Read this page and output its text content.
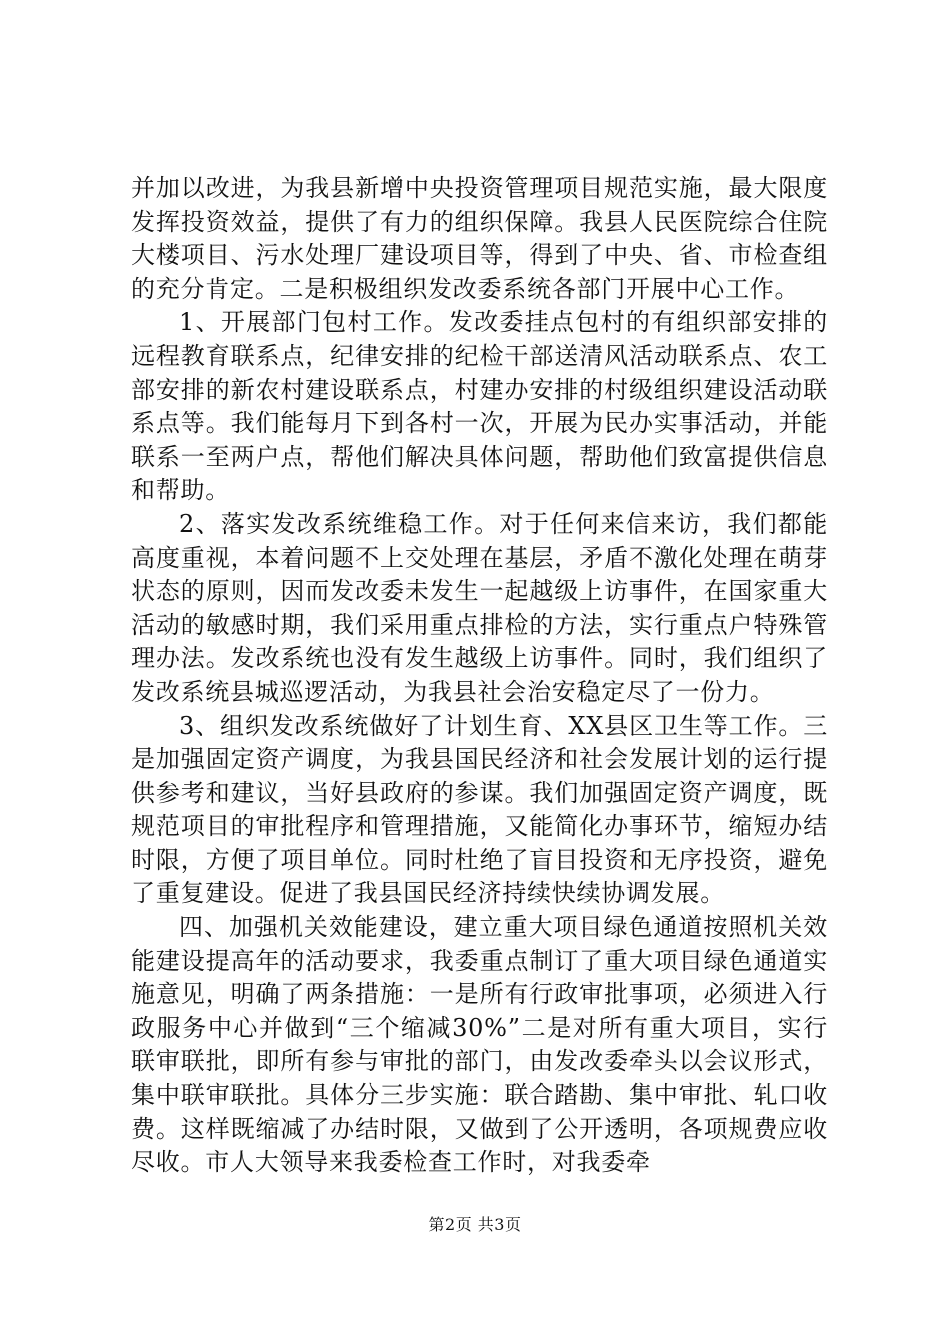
并加以改进，为我县新增中央投资管理项目规范实施，最大限度发挥投资效益，提供了有力的组织保障。我县人民医院综合住院大楼项目、污水处理厂建设项目等，得到了中央、省、市检查组的充分肯定。二是积极组织发改委系统各部门开展中心工作。

1、开展部门包村工作。发改委挂点包村的有组织部安排的远程教育联系点，纪律安排的纪检干部送清风活动联系点、农工部安排的新农村建设联系点，村建办安排的村级组织建设活动联系点等。我们能每月下到各村一次，开展为民办实事活动，并能联系一至两户点，帮他们解决具体问题，帮助他们致富提供信息和帮助。

2、落实发改系统维稳工作。对于任何来信来访，我们都能高度重视，本着问题不上交处理在基层，矛盾不激化处理在萌芽状态的原则，因而发改委未发生一起越级上访事件，在国家重大活动的敏感时期，我们采用重点排检的方法，实行重点户特殊管理办法。发改系统也没有发生越级上访事件。同时，我们组织了发改系统县城巡逻活动，为我县社会治安稳定尽了一份力。

3、组织发改系统做好了计划生育、XX县区卫生等工作。三是加强固定资产调度，为我县国民经济和社会发展计划的运行提供参考和建议，当好县政府的参谋。我们加强固定资产调度，既规范项目的审批程序和管理措施，又能简化办事环节，缩短办结时限，方便了项目单位。同时杜绝了盲目投资和无序投资，避免了重复建设。促进了我县国民经济持续快续协调发展。

四、加强机关效能建设，建立重大项目绿色通道按照机关效能建设提高年的活动要求，我委重点制订了重大项目绿色通道实施意见，明确了两条措施：一是所有行政审批事项，必须进入行政服务中心并做到“三个缩减30%”二是对所有重大项目，实行联审联批，即所有参与审批的部门，由发改委牵头以会议形式，集中联审联批。具体分三步实施：联合踏勘、集中审批、轧口收费。这样既缩减了办结时限，又做到了公开透明，各项规费应收尽收。市人大领导来我委检查工作时，对我委牵

第2页 共3页
